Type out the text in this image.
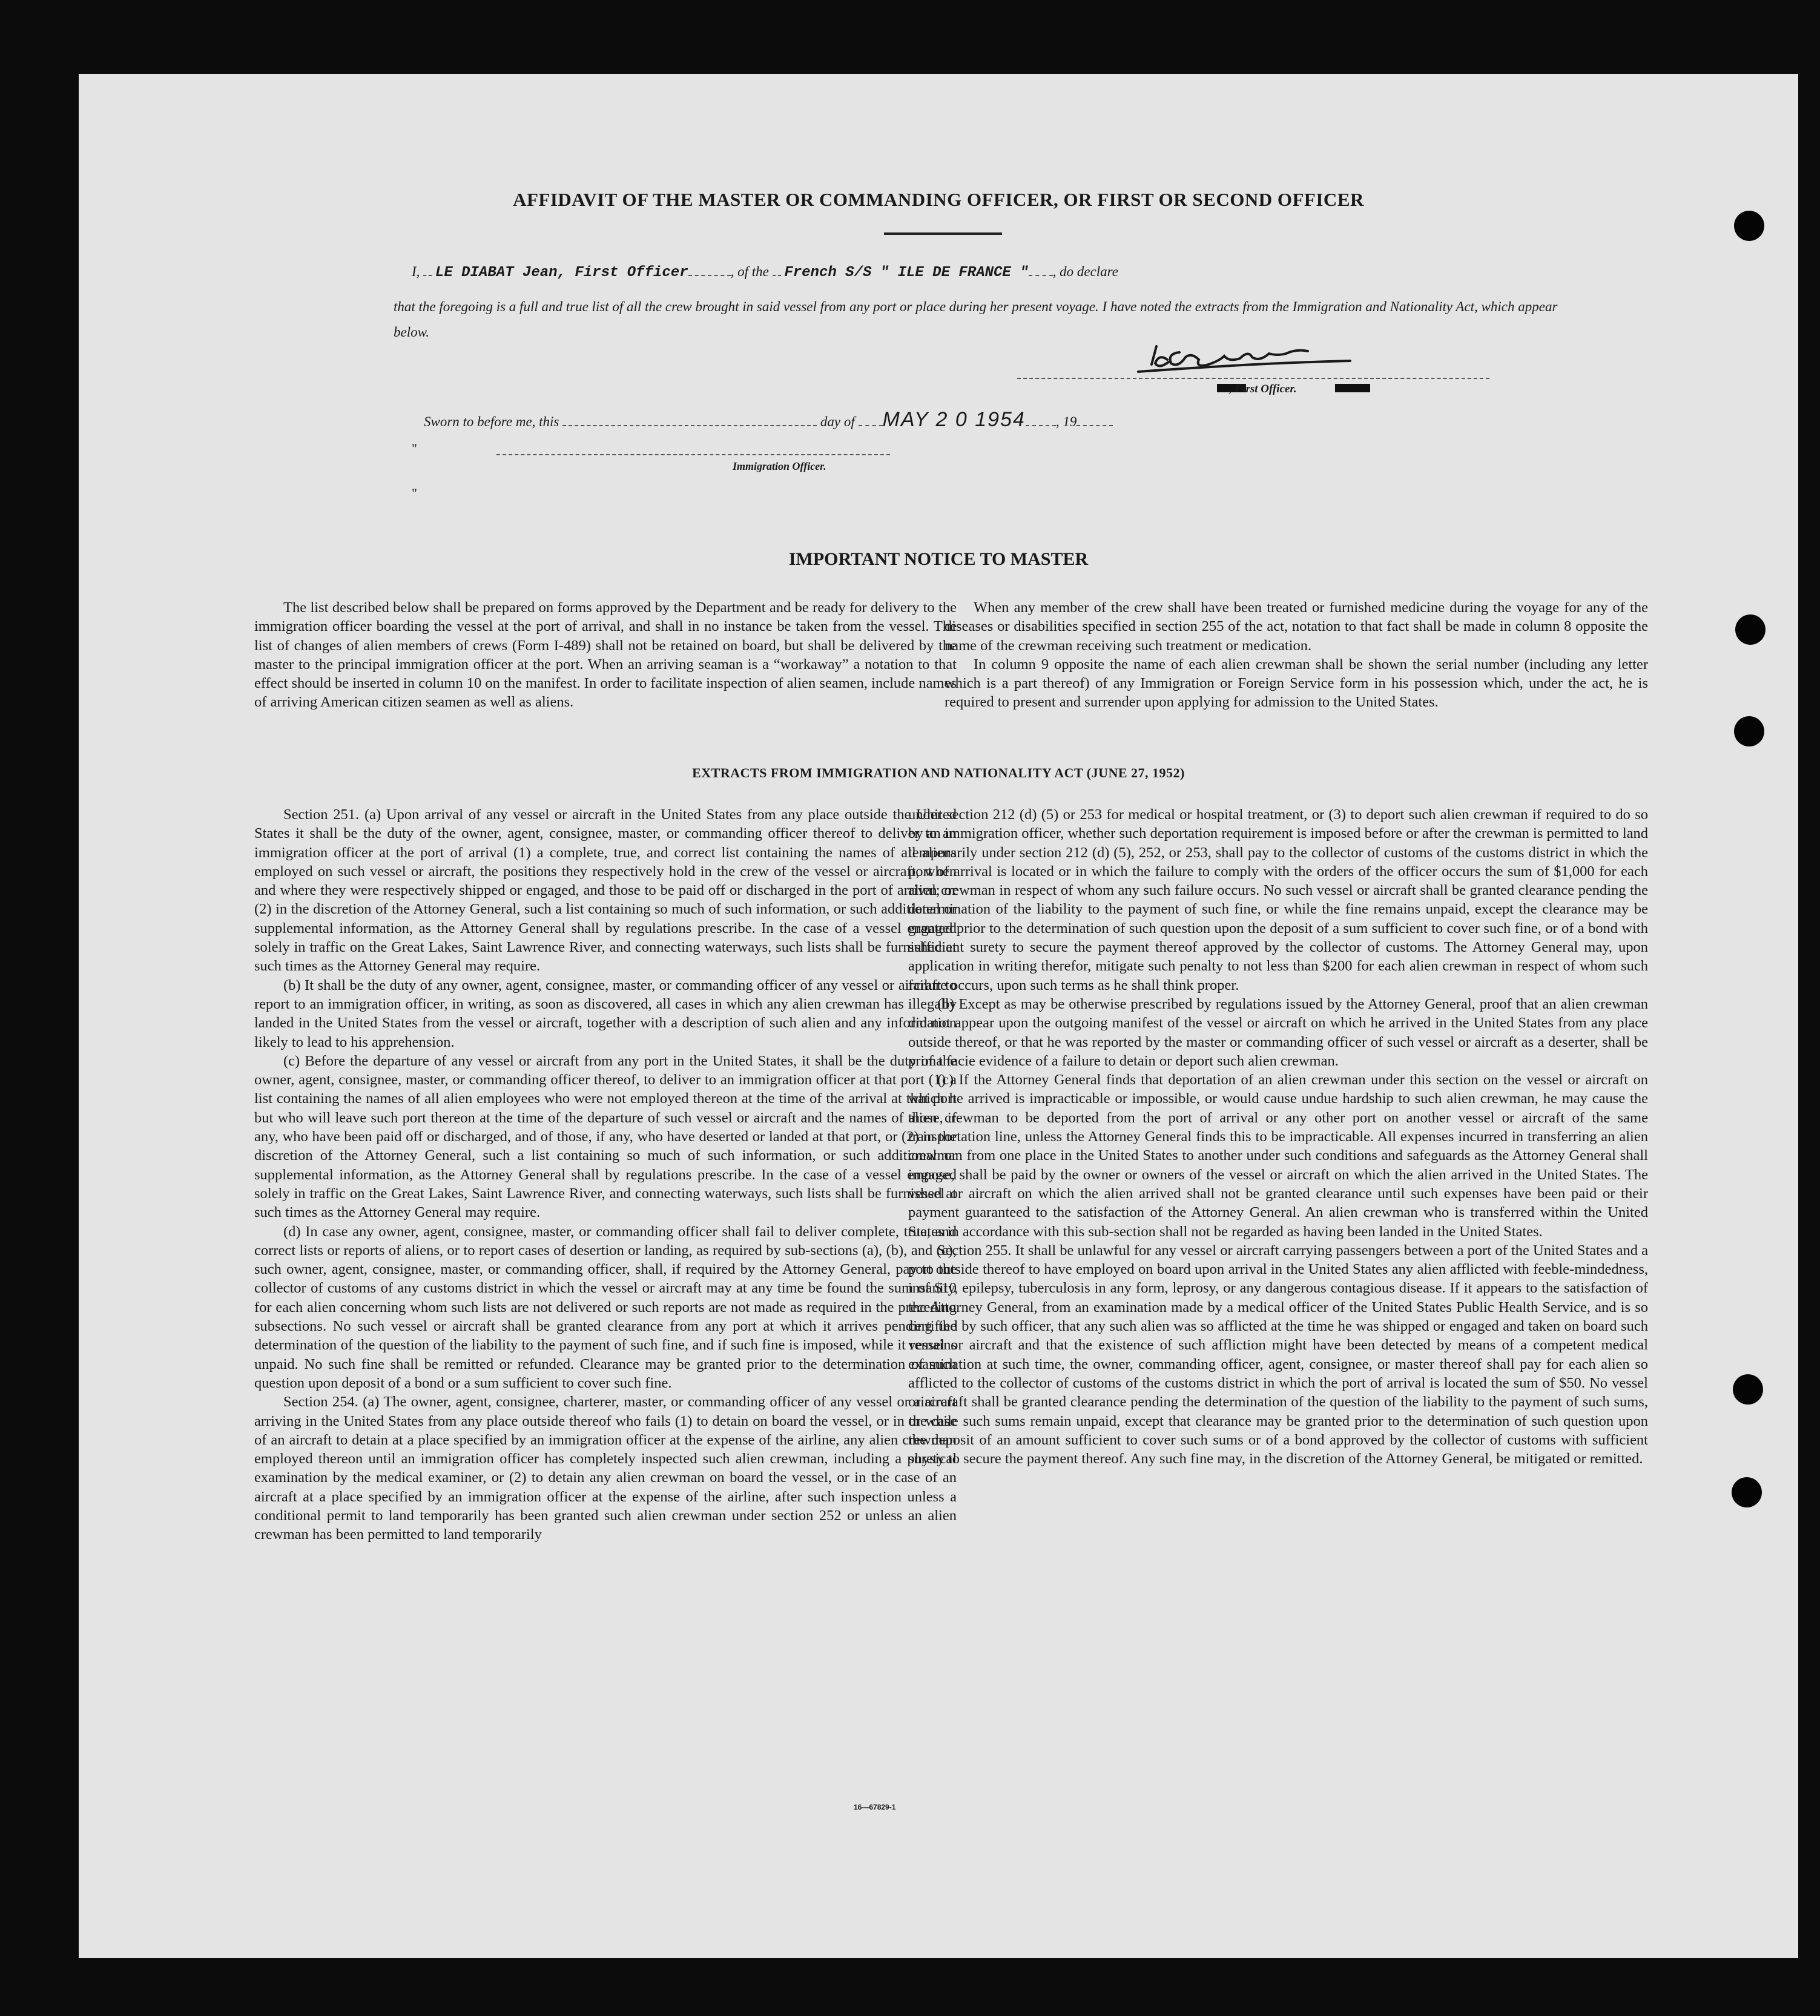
AFFIDAVIT OF THE MASTER OR COMMANDING OFFICER, OR FIRST OR SECOND OFFICER
I, LE DIABAT Jean, First Officer	, of the French S/S " ILE DE FRANCE " , do declare
that the foregoing is a full and true list of all the crew brought in said vessel from any port or place during her present voyage. I have noted the extracts from the Immigration and Nationality Act, which appear below.
, First Officer.
Sworn to before me, this	day of MAY 2 0 1954 , 19
"
Immigration Officer.
"
IMPORTANT NOTICE TO MASTER

The list described below shall be prepared on forms approved by the Department and be ready for delivery to the immigration officer boarding the vessel at the port of arrival, and shall in no instance be taken from the vessel. The list of changes of alien members of crews (Form I-489) shall not be retained on board, but shall be delivered by the master to the principal immigration officer at the port. When an arriving seaman is a “workaway” a notation to that effect should be inserted in column 10 on the manifest. In order to facilitate inspection of alien seamen, include names of arriving American citizen seamen as well as aliens.

When any member of the crew shall have been treated or furnished medicine during the voyage for any of the diseases or disabilities specified in section 255 of the act, notation to that fact shall be made in column 8 opposite the name of the crewman receiving such treatment or medication.

In column 9 opposite the name of each alien crewman shall be shown the serial number (including any letter which is a part thereof) of any Immigration or Foreign Service form in his possession which, under the act, he is required to present and surrender upon applying for admission to the United States.

EXTRACTS FROM IMMIGRATION AND NATIONALITY ACT (JUNE 27, 1952)

Section 251. (a) Upon arrival of any vessel or aircraft in the United States from any place outside the United States it shall be the duty of the owner, agent, consignee, master, or commanding officer thereof to deliver to an immigration officer at the port of arrival (1) a complete, true, and correct list containing the names of all aliens employed on such vessel or aircraft, the positions they respectively hold in the crew of the vessel or aircraft, when and where they were respectively shipped or engaged, and those to be paid off or discharged in the port of arrival; or (2) in the discretion of the Attorney General, such a list containing so much of such information, or such additional or supplemental information, as the Attorney General shall by regulations prescribe. In the case of a vessel engaged solely in traffic on the Great Lakes, Saint Lawrence River, and connecting waterways, such lists shall be furnished at such times as the Attorney General may require.

(b) It shall be the duty of any owner, agent, consignee, master, or commanding officer of any vessel or aircraft to report to an immigration officer, in writing, as soon as discovered, all cases in which any alien crewman has illegally landed in the United States from the vessel or aircraft, together with a description of such alien and any information likely to lead to his apprehension.

(c) Before the departure of any vessel or aircraft from any port in the United States, it shall be the duty of the owner, agent, consignee, master, or commanding officer thereof, to deliver to an immigration officer at that port (1) a list containing the names of all alien employees who were not employed thereon at the time of the arrival at that port but who will leave such port thereon at the time of the departure of such vessel or aircraft and the names of those, if any, who have been paid off or discharged, and of those, if any, who have deserted or landed at that port, or (2) in the discretion of the Attorney General, such a list containing so much of such information, or such additional or supplemental information, as the Attorney General shall by regulations prescribe. In the case of a vessel engaged solely in traffic on the Great Lakes, Saint Lawrence River, and connecting waterways, such lists shall be furnished at such times as the Attorney General may require.

(d) In case any owner, agent, consignee, master, or commanding officer shall fail to deliver complete, true, and correct lists or reports of aliens, or to report cases of desertion or landing, as required by sub-sections (a), (b), and (c), such owner, agent, consignee, master, or commanding officer, shall, if required by the Attorney General, pay to the collector of customs of any customs district in which the vessel or aircraft may at any time be found the sum of $10 for each alien concerning whom such lists are not delivered or such reports are not made as required in the preceding subsections. No such vessel or aircraft shall be granted clearance from any port at which it arrives pending the determination of the question of the liability to the payment of such fine, and if such fine is imposed, while it remains unpaid. No such fine shall be remitted or refunded. Clearance may be granted prior to the determination of such question upon deposit of a bond or a sum sufficient to cover such fine.

Section 254. (a) The owner, agent, consignee, charterer, master, or commanding officer of any vessel or aircraft arriving in the United States from any place outside thereof who fails (1) to detain on board the vessel, or in the case of an aircraft to detain at a place specified by an immigration officer at the expense of the airline, any alien crewman employed thereon until an immigration officer has completely inspected such alien crewman, including a physical examination by the medical examiner, or (2) to detain any alien crewman on board the vessel, or in the case of an aircraft at a place specified by an immigration officer at the expense of the airline, after such inspection unless a conditional permit to land temporarily has been granted such alien crewman under section 252 or unless an alien crewman has been permitted to land temporarily

under section 212 (d) (5) or 253 for medical or hospital treatment, or (3) to deport such alien crewman if required to do so by an immigration officer, whether such deportation requirement is imposed before or after the crewman is permitted to land temporarily under section 212 (d) (5), 252, or 253, shall pay to the collector of customs of the customs district in which the port of arrival is located or in which the failure to comply with the orders of the officer occurs the sum of $1,000 for each alien crewman in respect of whom any such failure occurs. No such vessel or aircraft shall be granted clearance pending the determination of the liability to the payment of such fine, or while the fine remains unpaid, except the clearance may be granted prior to the determination of such question upon the deposit of a sum sufficient to cover such fine, or of a bond with sufficient surety to secure the payment thereof approved by the collector of customs. The Attorney General may, upon application in writing therefor, mitigate such penalty to not less than $200 for each alien crewman in respect of whom such failure occurs, upon such terms as he shall think proper.

(b) Except as may be otherwise prescribed by regulations issued by the Attorney General, proof that an alien crewman did not appear upon the outgoing manifest of the vessel or aircraft on which he arrived in the United States from any place outside thereof, or that he was reported by the master or commanding officer of such vessel or aircraft as a deserter, shall be prima facie evidence of a failure to detain or deport such alien crewman.

(c) If the Attorney General finds that deportation of an alien crewman under this section on the vessel or aircraft on which he arrived is impracticable or impossible, or would cause undue hardship to such alien crewman, he may cause the alien crewman to be deported from the port of arrival or any other port on another vessel or aircraft of the same transportation line, unless the Attorney General finds this to be impracticable. All expenses incurred in transferring an alien crewman from one place in the United States to another under such conditions and safeguards as the Attorney General shall impose, shall be paid by the owner or owners of the vessel or aircraft on which the alien arrived in the United States. The vessel or aircraft on which the alien arrived shall not be granted clearance until such expenses have been paid or their payment guaranteed to the satisfaction of the Attorney General. An alien crewman who is transferred within the United States in accordance with this sub-section shall not be regarded as having been landed in the United States.

Section 255. It shall be unlawful for any vessel or aircraft carrying passengers between a port of the United States and a port outside thereof to have employed on board upon arrival in the United States any alien afflicted with feeble-mindedness, insanity, epilepsy, tuberculosis in any form, leprosy, or any dangerous contagious disease. If it appears to the satisfaction of the Attorney General, from an examination made by a medical officer of the United States Public Health Service, and is so certified by such officer, that any such alien was so afflicted at the time he was shipped or engaged and taken on board such vessel or aircraft and that the existence of such affliction might have been detected by means of a competent medical examination at such time, the owner, commanding officer, agent, consignee, or master thereof shall pay for each alien so afflicted to the collector of customs of the customs district in which the port of arrival is located the sum of $50. No vessel or aircraft shall be granted clearance pending the determination of the question of the liability to the payment of such sums, or while such sums remain unpaid, except that clearance may be granted prior to the determination of such question upon the deposit of an amount sufficient to cover such sums or of a bond approved by the collector of customs with sufficient surety to secure the payment thereof. Any such fine may, in the discretion of the Attorney General, be mitigated or remitted.

16—67829-1
